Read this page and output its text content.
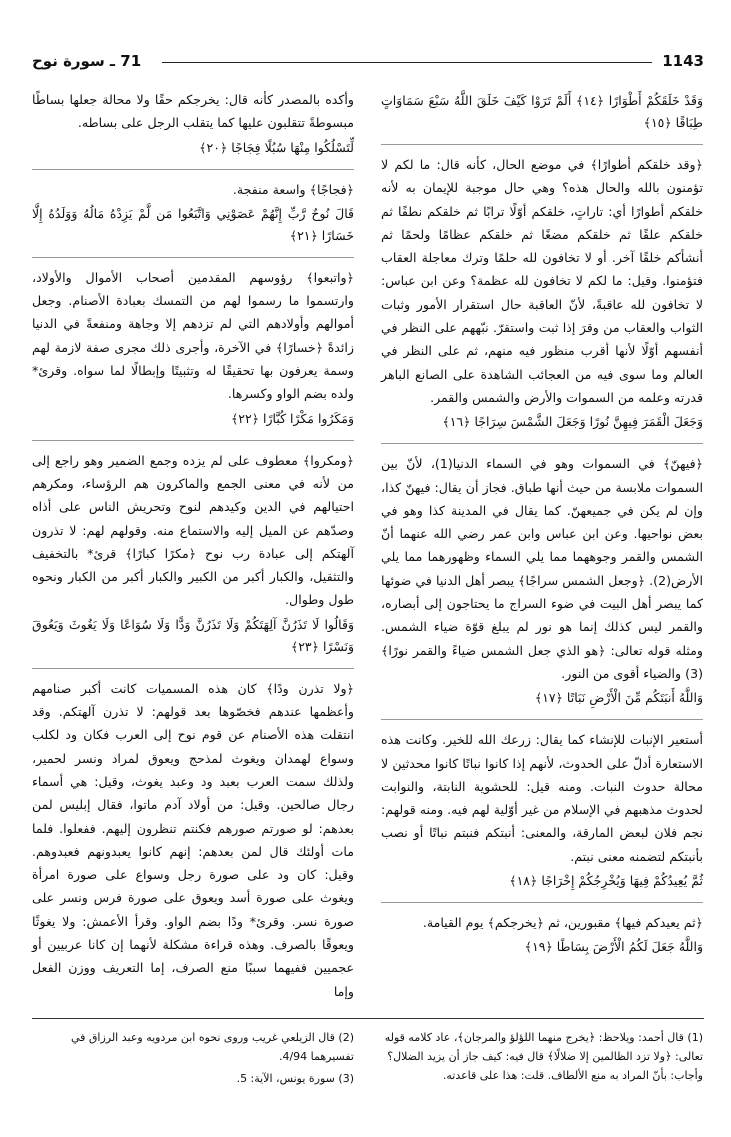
1143
71 ـ سورة نوح

وَقَدْ خَلَقَكُمْ أَطْوَارًا ﴿١٤﴾ أَلَمْ تَرَوْا كَيْفَ خَلَقَ اللَّهُ سَبْعَ سَمَاوَاتٍ طِبَاقًا ﴿١٥﴾

﴿وقد خلقكم أطوارًا﴾ في موضع الحال، كأنه قال: ما لكم لا تؤمنون بالله والحال هذه؟ وهي حال موجبة للإيمان به لأنه خلقكم أطوارًا أي: تاراتٍ، خلقكم أوّلًا ترابًا ثم خلقكم نطفًا ثم خلقكم علقًا ثم خلقكم مضغًا ثم خلقكم عظامًا ولحمًا ثم أنشأكم خلقًا آخر. أو لا تخافون لله حلمًا وترك معاجلة العقاب فتؤمنوا. وقيل: ما لكم لا تخافون لله عظمة؟ وعن ابن عباس: لا تخافون لله عاقبةً، لأنّ العاقبة حال استقرار الأمور وثبات الثواب والعقاب من وقرَ إذا ثبت واستقرّ. نبّههم على النظر في أنفسهم أوّلًا لأنها أقرب منظور فيه منهم، ثم على النظر في العالم وما سوى فيه من العجائب الشاهدة على الصانع الباهر قدرته وعلمه من السموات والأرض والشمس والقمر.

وَجَعَلَ الْقَمَرَ فِيهِنَّ نُورًا وَجَعَلَ الشَّمْسَ سِرَاجًا ﴿١٦﴾

﴿فيهنّ﴾ في السموات وهو في السماء الدنيا(1)، لأنّ بين السموات ملابسة من حيث أنها طباق. فجاز أن يقال: فيهنّ كذا، وإن لم يكن في جميعهنّ. كما يقال في المدينة كذا وهو في بعض نواحيها. وعن ابن عباس وابن عمر رضي الله عنهما أنّ الشمس والقمر وجوههما مما يلي السماء وظهورهما مما يلي الأرض(2). ﴿وجعل الشمس سراجًا﴾ يبصر أهل الدنيا في ضوئها كما يبصر أهل البيت في ضوء السراج ما يحتاجون إلى أبصاره، والقمر ليس كذلك إنما هو نور لم يبلغ قوّة ضياء الشمس. ومثله قوله تعالى: ﴿هو الذي جعل الشمس ضياءً والقمر نورًا﴾(3) والضياء أقوى من النور.

وَاللَّهُ أَنبَتَكُم مِّنَ الْأَرْضِ نَبَاتًا ﴿١٧﴾

أستعير الإنبات للإنشاء كما يقال: زرعك الله للخير. وكانت هذه الاستعارة أدلّ على الحدوث، لأنهم إذا كانوا نباتًا كانوا محدثين لا محالة حدوث النبات. ومنه قيل: للحشوية النابتة، والنوابت لحدوث مذهبهم في الإسلام من غير أوّلية لهم فيه. ومنه قولهم: نجم فلان لبعض المارقة، والمعنى: أنبتكم فنبتم نباتًا أو نصب بأنبتكم لتضمنه معنى نبتم.

ثُمَّ يُعِيدُكُمْ فِيهَا وَيُخْرِجُكُمْ إِخْرَاجًا ﴿١٨﴾

﴿ثم يعيدكم فيها﴾ مقبورين، ثم ﴿يخرجكم﴾ يوم القيامة.

وَاللَّهُ جَعَلَ لَكُمُ الْأَرْضَ بِسَاطًا ﴿١٩﴾

وأكده بالمصدر كأنه قال: يخرجكم حقًا ولا محالة جعلها بساطًا مبسوطةً تتقلبون عليها كما يتقلب الرجل على بساطه.

لِّتَسْلُكُوا مِنْهَا سُبُلًا فِجَاجًا ﴿٢٠﴾

﴿فجاجًا﴾ واسعة منفجة.

قَالَ نُوحٌ رَّبِّ إِنَّهُمْ عَصَوْنِي وَاتَّبَعُوا مَن لَّمْ يَزِدْهُ مَالُهُ وَوَلَدُهُ إِلَّا خَسَارًا ﴿٢١﴾

﴿واتبعوا﴾ رؤوسهم المقدمين أصحاب الأموال والأولاد، وارتسموا ما رسموا لهم من التمسك بعبادة الأصنام. وجعل أموالهم وأولادهم التي لم تزدهم إلا وجاهة ومنفعةً في الدنيا زائدةً ﴿خسارًا﴾ في الآخرة، وأجرى ذلك مجرى صفة لازمة لهم وسمة يعرفون بها تحقيقًا له وتثبيتًا وإبطالًا لما سواه. وقرئ* ولده بضم الواو وكسرها.

وَمَكَرُوا مَكْرًا كُبَّارًا ﴿٢٢﴾

﴿ومكروا﴾ معطوف على لم يزده وجمع الضمير وهو راجع إلى من لأنه في معنى الجمع والماكرون هم الرؤساء، ومكرهم احتيالهم في الدين وكيدهم لنوح وتحريش الناس على أذاه وصدّهم عن الميل إليه والاستماع منه. وقولهم لهم: لا تذرون آلهتكم إلى عبادة رب نوح ﴿مكرًا كبارًا﴾ قرئ* بالتخفيف والتثقيل، والكبار أكبر من الكبير والكبار أكبر من الكبار ونحوه طول وطوال.

وَقَالُوا لَا تَذَرُنَّ آلِهَتَكُمْ وَلَا تَذَرُنَّ وَدًّا وَلَا سُوَاعًا وَلَا يَغُوثَ وَيَعُوقَ وَنَسْرًا ﴿٢٣﴾

﴿ولا تذرن ودًا﴾ كان هذه المسميات كانت أكبر صنامهم وأعظمها عندهم فخصّوها بعد قولهم: لا تذرن آلهتكم. وقد انتقلت هذه الأصنام عن قوم نوح إلى العرب فكان ود لكلب وسواع لهمدان ويغوث لمذحج ويعوق لمراد ونسر لحمير، ولذلك سمت العرب بعبد ود وعبد يغوث، وقيل: هي أسماء رجال صالحين. وقيل: من أولاد آدم ماتوا، فقال إبليس لمن بعدهم: لو صورتم صورهم فكنتم تنظرون إليهم. ففعلوا. فلما مات أولئك قال لمن بعدهم: إنهم كانوا يعبدونهم فعبدوهم. وقيل: كان ود على صورة رجل وسواع على صورة امرأة ويغوث على صورة أسد ويعوق على صورة فرس ونسر على صورة نسر. وقرئ* ودًا بضم الواو. وقرأ الأعمش: ولا يغوثًا ويعوقًا بالصرف. وهذه قراءة مشكلة لأنهما إن كانا عربيين أو عجميين ففيهما سببًا منع الصرف، إما التعريف ووزن الفعل وإما

(1) قال أحمد: ويلاحظ: ﴿يخرج منهما اللؤلؤ والمرجان﴾، عاد كلامه قوله تعالى: ﴿ولا تزد الظالمين إلا ضلالًا﴾ قال فيه: كيف جاز أن يزيد الضلال؟ وأجاب: بأنّ المراد به منع الألطاف. قلت: هذا على قاعدته.

(2) قال الزيلعي غريب وروى نحوه ابن مردويه وعبد الرزاق في تفسيرهما 4/94.

(3) سورة يونس، الآية: 5.
